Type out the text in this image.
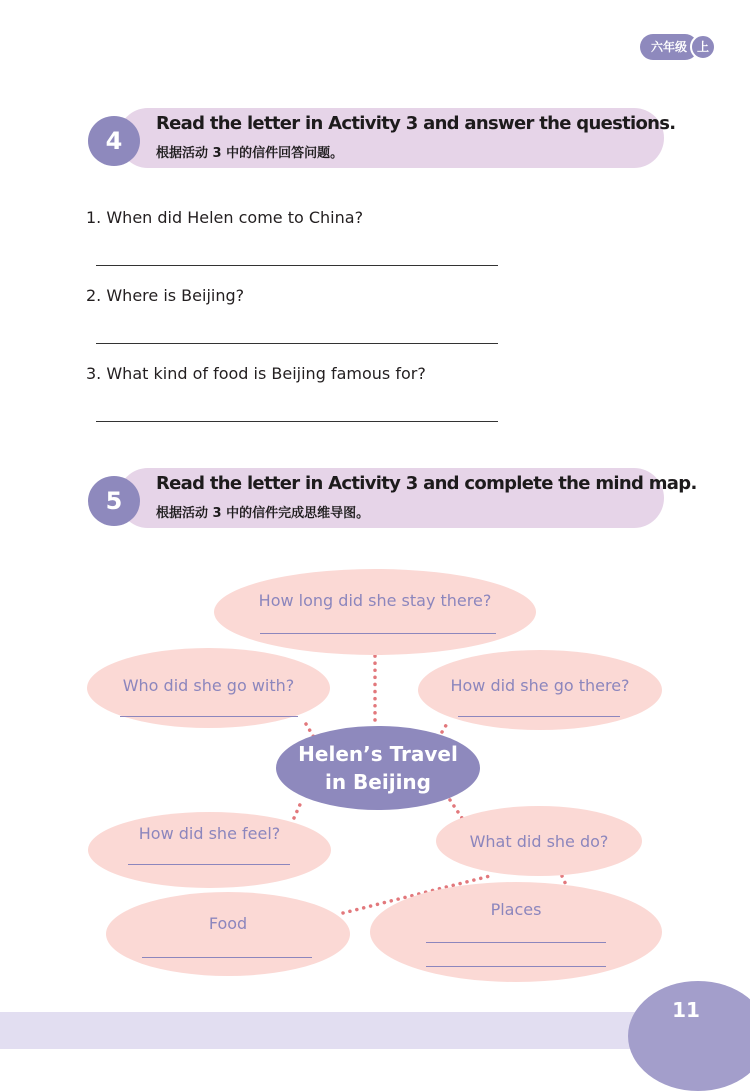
六年级 上
4
Read the letter in Activity 3 and answer the questions.
根据活动 3 中的信件回答问题。
1. When did Helen come to China?
2. Where is Beijing?
3. What kind of food is Beijing famous for?
5
Read the letter in Activity 3 and complete the mind map.
根据活动 3 中的信件完成思维导图。
How long did she stay there?
Who did she go with?	How did she go there?
Helen’s Travel
in Beijing
How did she feel?	What did she do?
Food
Places
11
